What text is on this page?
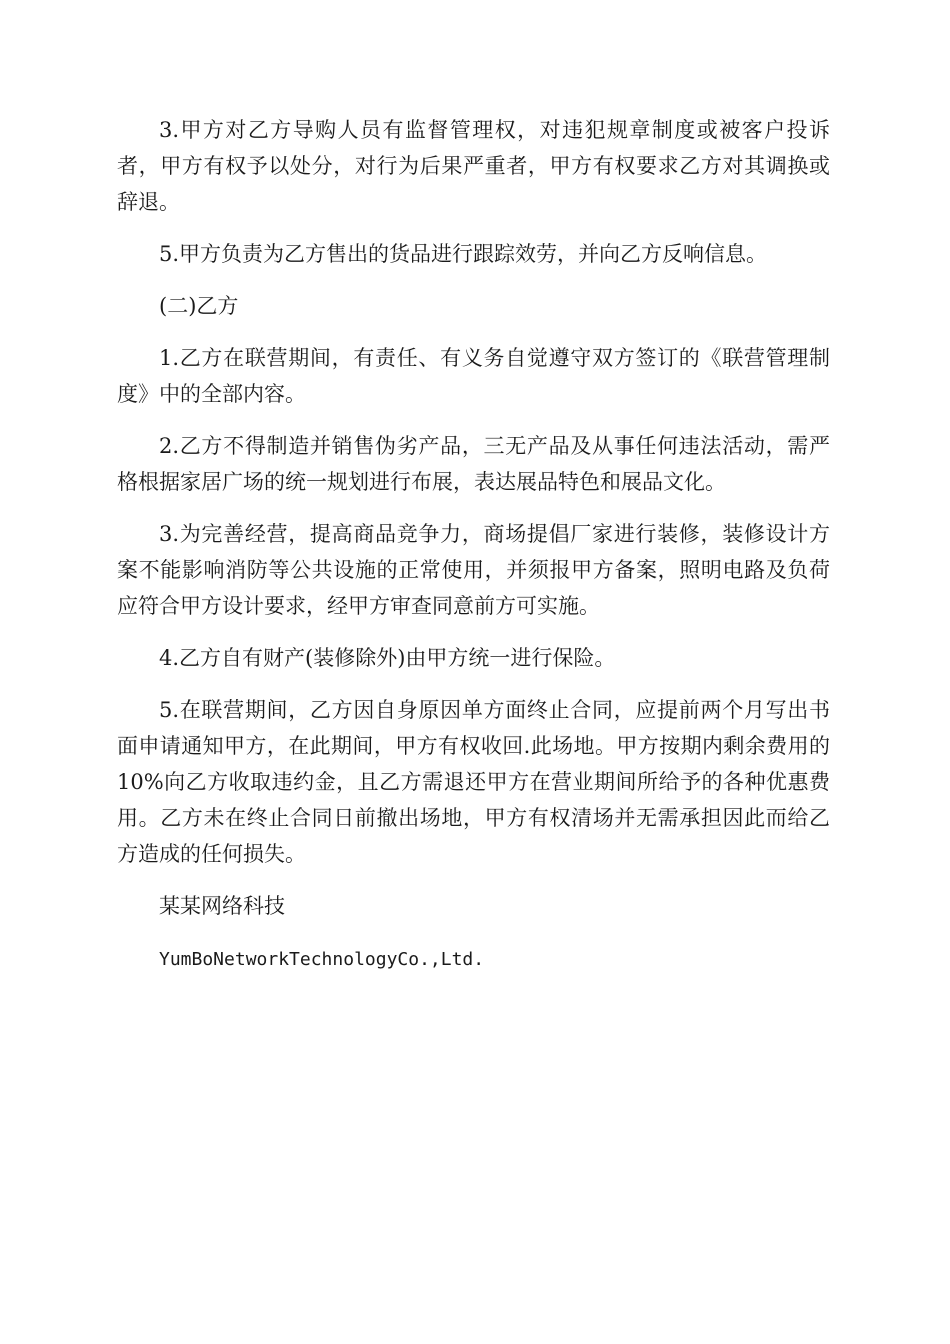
3.甲方对乙方导购人员有监督管理权，对违犯规章制度或被客户投诉者，甲方有权予以处分，对行为后果严重者，甲方有权要求乙方对其调换或辞退。

5.甲方负责为乙方售出的货品进行跟踪效劳，并向乙方反响信息。

(二)乙方

1.乙方在联营期间，有责任、有义务自觉遵守双方签订的《联营管理制度》中的全部内容。

2.乙方不得制造并销售伪劣产品，三无产品及从事任何违法活动，需严格根据家居广场的统一规划进行布展，表达展品特色和展品文化。

3.为完善经营，提高商品竞争力，商场提倡厂家进行装修，装修设计方案不能影响消防等公共设施的正常使用，并须报甲方备案，照明电路及负荷应符合甲方设计要求，经甲方审查同意前方可实施。

4.乙方自有财产(装修除外)由甲方统一进行保险。

5.在联营期间，乙方因自身原因单方面终止合同，应提前两个月写出书面申请通知甲方，在此期间，甲方有权收回.此场地。甲方按期内剩余费用的10%向乙方收取违约金，且乙方需退还甲方在营业期间所给予的各种优惠费用。乙方未在终止合同日前撤出场地，甲方有权清场并无需承担因此而给乙方造成的任何损失。

某某网络科技

YumBoNetworkTechnologyCo.,Ltd.
